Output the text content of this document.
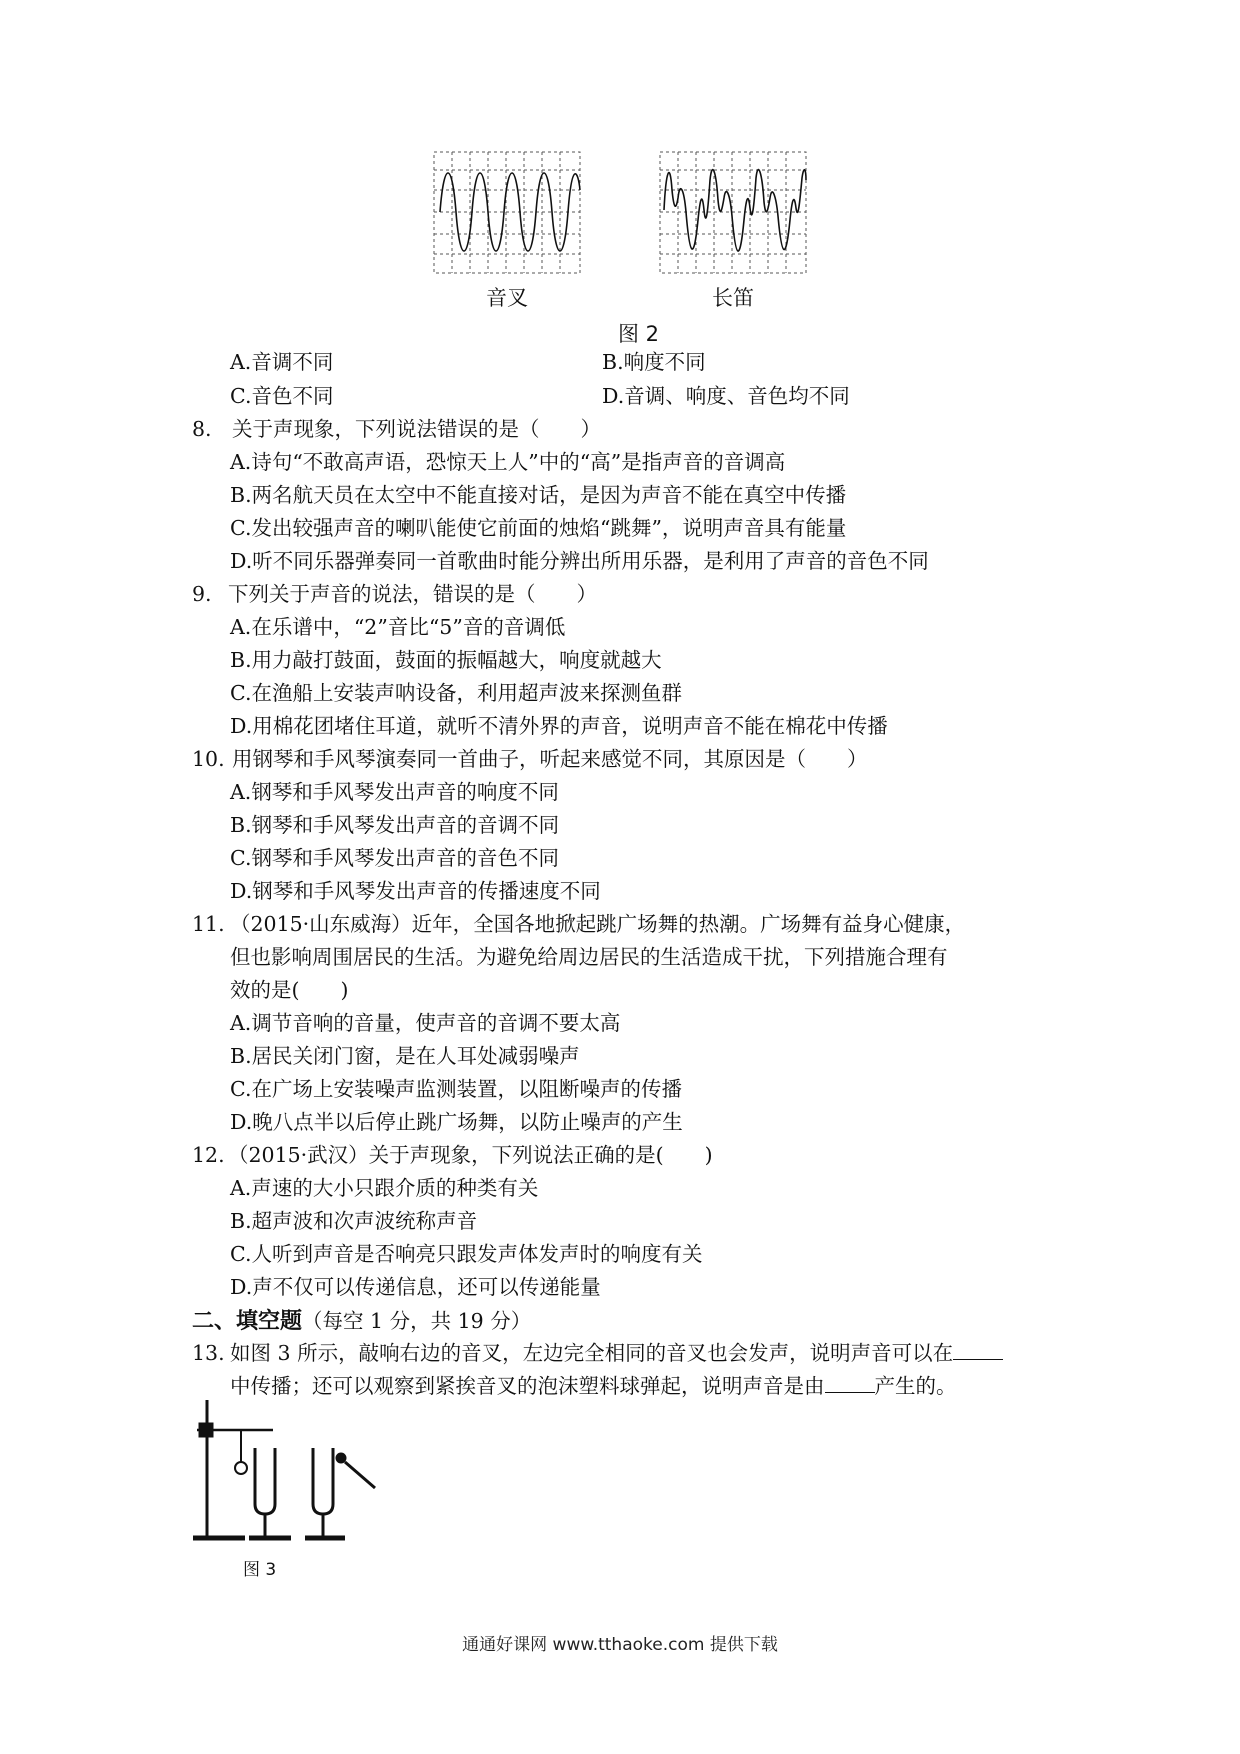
音叉	长笛
图 2
A.音调不同	B.响度不同
C.音色不同	D.音调、响度、音色均不同
8. 关于声现象，下列说法错误的是（　　）
A.诗句“不敢高声语，恐惊天上人”中的“高”是指声音的音调高
B.两名航天员在太空中不能直接对话，是因为声音不能在真空中传播
C.发出较强声音的喇叭能使它前面的烛焰“跳舞”，说明声音具有能量
D.听不同乐器弹奏同一首歌曲时能分辨出所用乐器，是利用了声音的音色不同
9. 下列关于声音的说法，错误的是（　　）
A.在乐谱中，“2”音比“5”音的音调低
B.用力敲打鼓面，鼓面的振幅越大，响度就越大
C.在渔船上安装声呐设备，利用超声波来探测鱼群
D.用棉花团堵住耳道，就听不清外界的声音，说明声音不能在棉花中传播
10. 用钢琴和手风琴演奏同一首曲子，听起来感觉不同，其原因是（　　）
A.钢琴和手风琴发出声音的响度不同
B.钢琴和手风琴发出声音的音调不同
C.钢琴和手风琴发出声音的音色不同
D.钢琴和手风琴发出声音的传播速度不同
11. （2015·山东威海）近年，全国各地掀起跳广场舞的热潮。广场舞有益身心健康，
但也影响周围居民的生活。为避免给周边居民的生活造成干扰，下列措施合理有
效的是(　　)
A.调节音响的音量，使声音的音调不要太高
B.居民关闭门窗，是在人耳处减弱噪声
C.在广场上安装噪声监测装置，以阻断噪声的传播
D.晚八点半以后停止跳广场舞，以防止噪声的产生
12. （2015·武汉）关于声现象，下列说法正确的是(　　)
A.声速的大小只跟介质的种类有关
B.超声波和次声波统称声音
C.人听到声音是否响亮只跟发声体发声时的响度有关
D.声不仅可以传递信息，还可以传递能量
二、填空题（每空 1 分，共 19 分）
13. 如图 3 所示，敲响右边的音叉，左边完全相同的音叉也会发声，说明声音可以在
中传播；还可以观察到紧挨音叉的泡沫塑料球弹起，说明声音是由 产生的。
图 3
通通好课网 www.tthaoke.com 提供下载
